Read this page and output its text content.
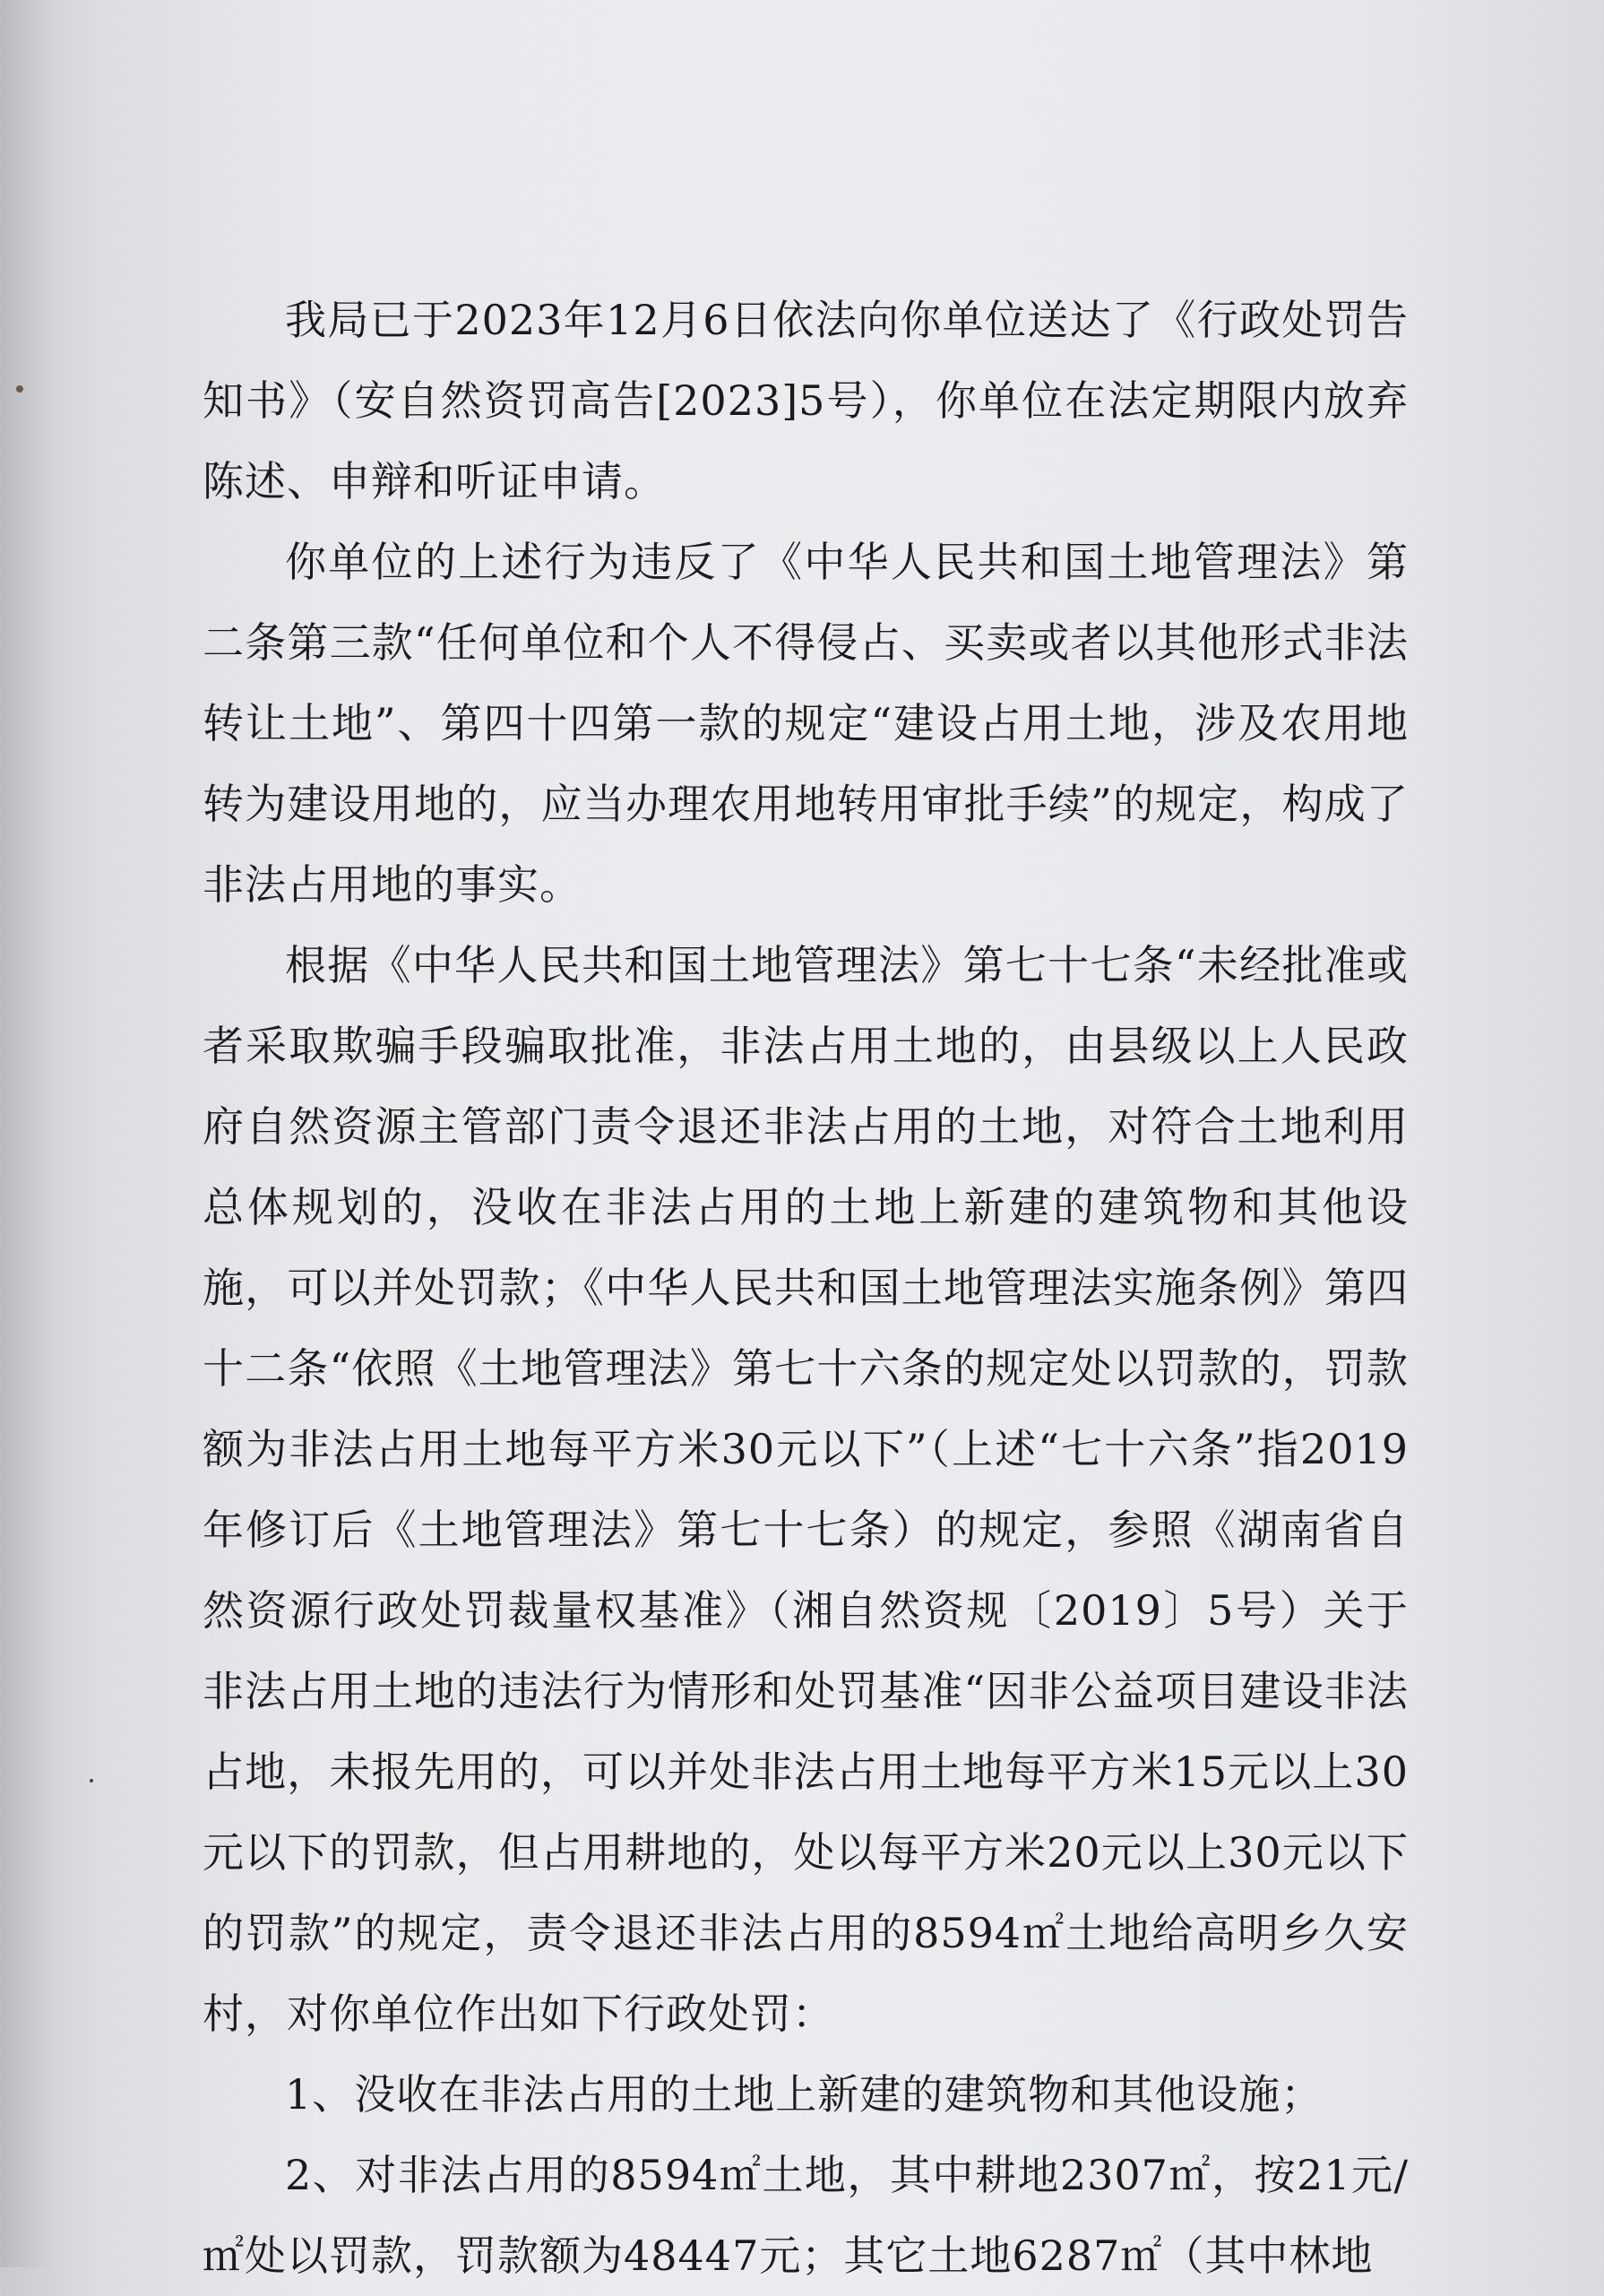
我局已于2023年12月6日依法向你单位送达了《行政处罚告知书》（安自然资罚高告[2023]5号），你单位在法定期限内放弃陈述、申辩和听证申请。

你单位的上述行为违反了《中华人民共和国土地管理法》第二条第三款“任何单位和个人不得侵占、买卖或者以其他形式非法转让土地”、第四十四第一款的规定“建设占用土地，涉及农用地转为建设用地的，应当办理农用地转用审批手续”的规定，构成了非法占用地的事实。

根据《中华人民共和国土地管理法》第七十七条“未经批准或者采取欺骗手段骗取批准，非法占用土地的，由县级以上人民政府自然资源主管部门责令退还非法占用的土地，对符合土地利用总体规划的，没收在非法占用的土地上新建的建筑物和其他设施，可以并处罚款；《中华人民共和国土地管理法实施条例》第四十二条“依照《土地管理法》第七十六条的规定处以罚款的，罚款额为非法占用土地每平方米30元以下”（上述“七十六条”指2019年修订后《土地管理法》第七十七条）的规定，参照《湖南省自然资源行政处罚裁量权基准》（湘自然资规〔2019〕5号）关于非法占用土地的违法行为情形和处罚基准“因非公益项目建设非法占地，未报先用的，可以并处非法占用土地每平方米15元以上30元以下的罚款，但占用耕地的，处以每平方米20元以上30元以下的罚款”的规定，责令退还非法占用的8594㎡土地给高明乡久安村，对你单位作出如下行政处罚：

1、没收在非法占用的土地上新建的建筑物和其他设施；

2、对非法占用的8594㎡土地，其中耕地2307㎡，按21元/㎡处以罚款，罚款额为48447元；其它土地6287㎡（其中林地
